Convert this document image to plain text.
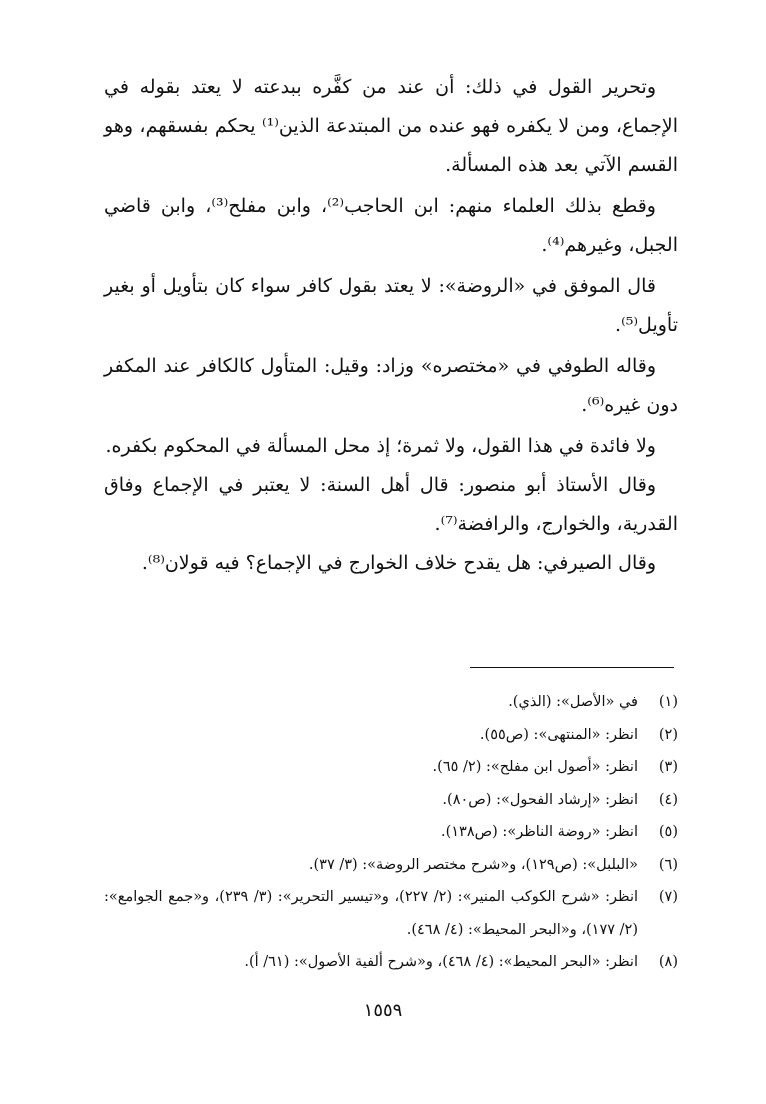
وتحرير القول في ذلك: أن عند من كفَّره ببدعته لا يعتد بقوله في الإجماع، ومن لا يكفره فهو عنده من المبتدعة الذين⁽¹⁾ يحكم بفسقهم، وهو القسم الآتي بعد هذه المسألة.

وقطع بذلك العلماء منهم: ابن الحاجب⁽²⁾، وابن مفلح⁽³⁾، وابن قاضي الجبل، وغيرهم⁽⁴⁾.

قال الموفق في «الروضة»: لا يعتد بقول كافر سواء كان بتأويل أو بغير تأويل⁽⁵⁾.

وقاله الطوفي في «مختصره» وزاد: وقيل: المتأول كالكافر عند المكفر دون غيره⁽⁶⁾.

ولا فائدة في هذا القول، ولا ثمرة؛ إذ محل المسألة في المحكوم بكفره.

وقال الأستاذ أبو منصور: قال أهل السنة: لا يعتبر في الإجماع وفاق القدرية، والخوارج، والرافضة⁽⁷⁾.

وقال الصيرفي: هل يقدح خلاف الخوارج في الإجماع؟ فيه قولان⁽⁸⁾.

(١)
في «الأصل»: (الذي).
(٢)
انظر: «المنتهى»: (ص٥٥).
(٣)
انظر: «أصول ابن مفلح»: (٢/ ٦٥).
(٤)
انظر: «إرشاد الفحول»: (ص٨٠).
(٥)
انظر: «روضة الناظر»: (ص١٣٨).
(٦)
«البلبل»: (ص١٢٩)، و«شرح مختصر الروضة»: (٣/ ٣٧).
(٧)
انظر: «شرح الكوكب المنير»: (٢/ ٢٢٧)، و«تيسير التحرير»: (٣/ ٢٣٩)، و«جمع الجوامع»: (٢/ ١٧٧)، و«البحر المحيط»: (٤/ ٤٦٨).
(٨)
انظر: «البحر المحيط»: (٤/ ٤٦٨)، و«شرح ألفية الأصول»: (٦١/ أ).
١٥٥٩
